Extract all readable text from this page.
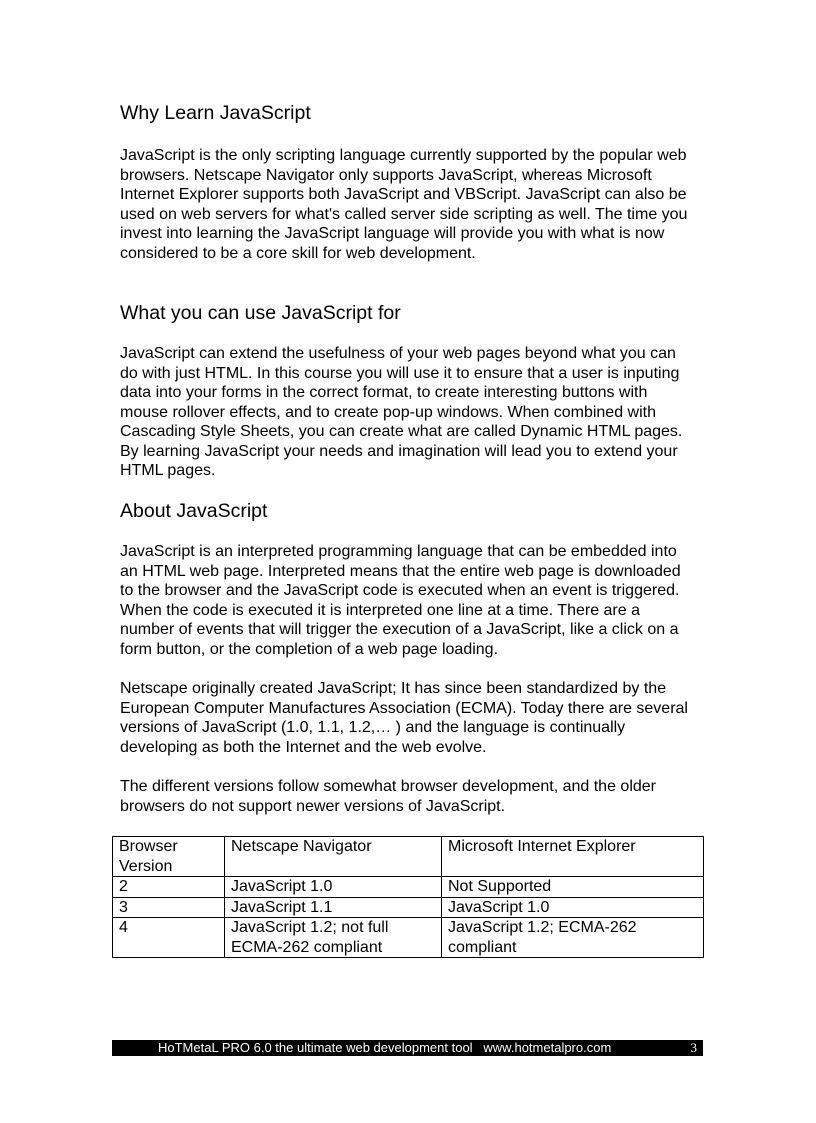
Why Learn JavaScript

JavaScript is the only scripting language currently supported by the popular web
browsers. Netscape Navigator only supports JavaScript, whereas Microsoft
Internet Explorer supports both JavaScript and VBScript. JavaScript can also be
used on web servers for what's called server side scripting as well. The time you
invest into learning the JavaScript language will provide you with what is now
considered to be a core skill for web development.

What you can use JavaScript for

JavaScript can extend the usefulness of your web pages beyond what you can
do with just HTML. In this course you will use it to ensure that a user is inputing
data into your forms in the correct format, to create interesting buttons with
mouse rollover effects, and to create pop-up windows. When combined with
Cascading Style Sheets, you can create what are called Dynamic HTML pages.
By learning JavaScript your needs and imagination will lead you to extend your
HTML pages.

About JavaScript

JavaScript is an interpreted programming language that can be embedded into
an HTML web page. Interpreted means that the entire web page is downloaded
to the browser and the JavaScript code is executed when an event is triggered.
When the code is executed it is interpreted one line at a time. There are a
number of events that will trigger the execution of a JavaScript, like a click on a
form button, or the completion of a web page loading.

Netscape originally created JavaScript; It has since been standardized by the
European Computer Manufactures Association (ECMA). Today there are several
versions of JavaScript (1.0, 1.1, 1.2,… ) and the language is continually
developing as both the Internet and the web evolve.

The different versions follow somewhat browser development, and the older
browsers do not support newer versions of JavaScript.

Browser Version	Netscape Navigator	Microsoft Internet Explorer
2	JavaScript 1.0	Not Supported
3	JavaScript 1.1	JavaScript 1.0
4	JavaScript 1.2; not full ECMA-262 compliant	JavaScript 1.2; ECMA-262 compliant
HoTMetaL PRO 6.0 the ultimate web development tool   www.hotmetalpro.com	3
